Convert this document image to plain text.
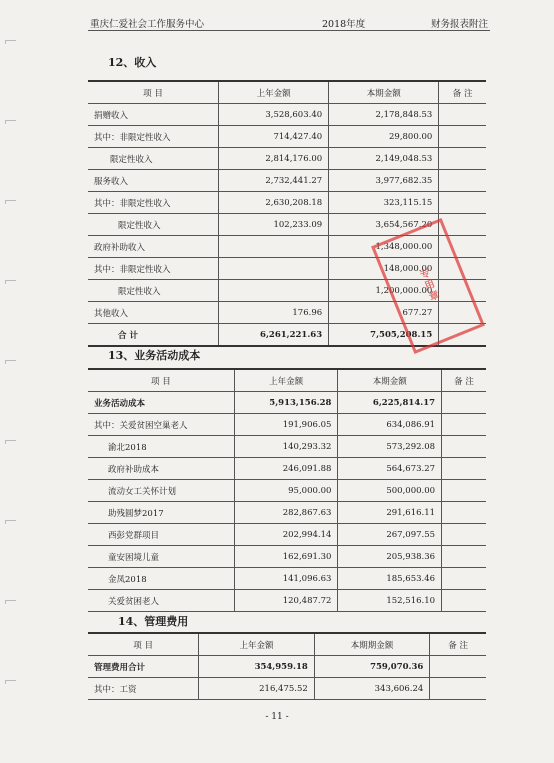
重庆仁爱社会工作服务中心	2018年度	财务报表附注
12、收入
项 目	上年金额	本期金额	备 注
捐赠收入	3,528,603.40	2,178,848.53	
其中：非限定性收入	714,427.40	29,800.00	
限定性收入	2,814,176.00	2,149,048.53	
服务收入	2,732,441.27	3,977,682.35	
其中：非限定性收入	2,630,208.18	323,115.15	
限定性收入	102,233.09	3,654,567.20	
政府补助收入		1,348,000.00	
其中：非限定性收入		148,000.00	
限定性收入		1,200,000.00	
其他收入	176.96	677.27	
合 计	6,261,221.63	7,505,208.15	
专用章
13、业务活动成本
项 目	上年金额	本期金额	备 注
业务活动成本	5,913,156.28	6,225,814.17	
其中：关爱贫困空巢老人	191,906.05	634,086.91	
渝北2018	140,293.32	573,292.08	
政府补助成本	246,091.88	564,673.27	
流动女工关怀计划	95,000.00	500,000.00	
助残圆梦2017	282,867.63	291,616.11	
西彭党群项目	202,994.14	267,097.55	
童安困境儿童	162,691.30	205,938.36	
金凤2018	141,096.63	185,653.46	
关爱贫困老人	120,487.72	152,516.10	
14、管理费用
项 目	上年金额	本期期金额	备 注
管理费用合计	354,959.18	759,070.36	
其中：工资	216,475.52	343,606.24	
- 11 -
